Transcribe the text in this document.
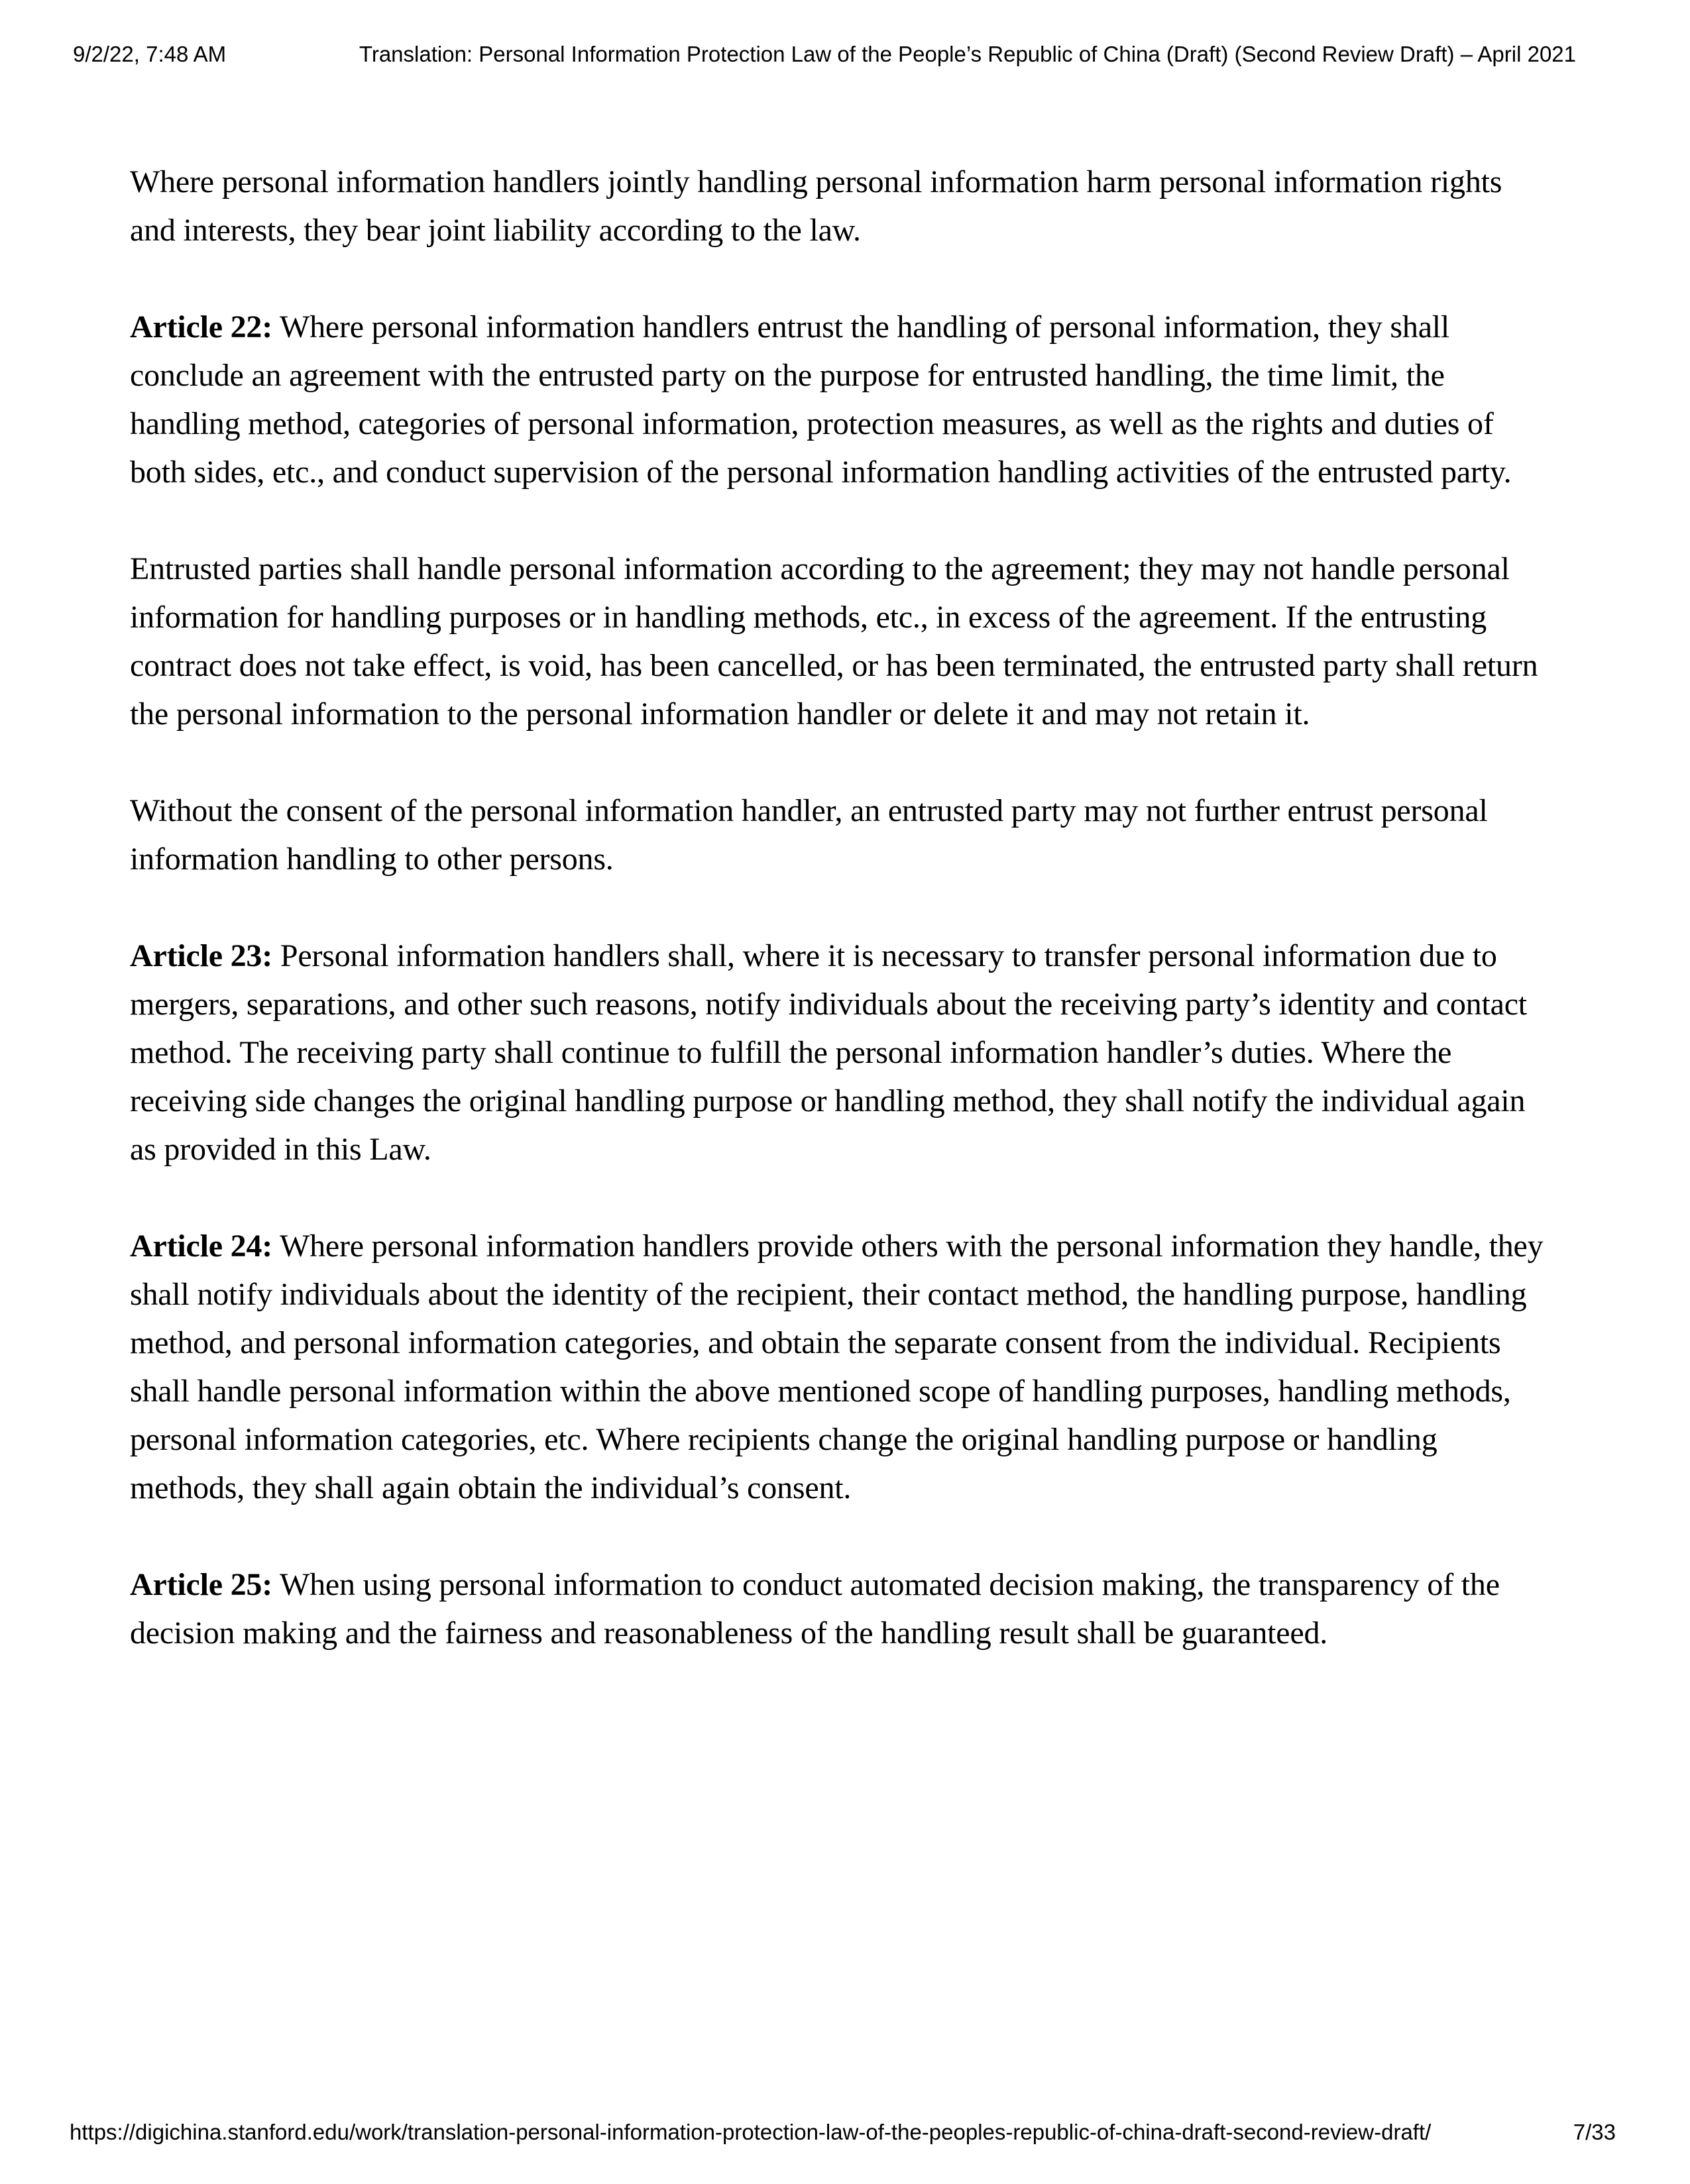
9/2/22, 7:48 AM	Translation: Personal Information Protection Law of the People’s Republic of China (Draft) (Second Review Draft) – April 2021

Where personal information handlers jointly handling personal information harm personal information rights and interests, they bear joint liability according to the law.

Article 22: Where personal information handlers entrust the handling of personal information, they shall conclude an agreement with the entrusted party on the purpose for entrusted handling, the time limit, the handling method, categories of personal information, protection measures, as well as the rights and duties of both sides, etc., and conduct supervision of the personal information handling activities of the entrusted party.

Entrusted parties shall handle personal information according to the agreement; they may not handle personal information for handling purposes or in handling methods, etc., in excess of the agreement. If the entrusting contract does not take effect, is void, has been cancelled, or has been terminated, the entrusted party shall return the personal information to the personal information handler or delete it and may not retain it.

Without the consent of the personal information handler, an entrusted party may not further entrust personal information handling to other persons.

Article 23: Personal information handlers shall, where it is necessary to transfer personal information due to mergers, separations, and other such reasons, notify individuals about the receiving party’s identity and contact method. The receiving party shall continue to fulfill the personal information handler’s duties. Where the receiving side changes the original handling purpose or handling method, they shall notify the individual again as provided in this Law.

Article 24: Where personal information handlers provide others with the personal information they handle, they shall notify individuals about the identity of the recipient, their contact method, the handling purpose, handling method, and personal information categories, and obtain the separate consent from the individual. Recipients shall handle personal information within the above mentioned scope of handling purposes, handling methods, personal information categories, etc. Where recipients change the original handling purpose or handling methods, they shall again obtain the individual’s consent.

Article 25: When using personal information to conduct automated decision making, the transparency of the decision making and the fairness and reasonableness of the handling result shall be guaranteed.

https://digichina.stanford.edu/work/translation-personal-information-protection-law-of-the-peoples-republic-of-china-draft-second-review-draft/	7/33
